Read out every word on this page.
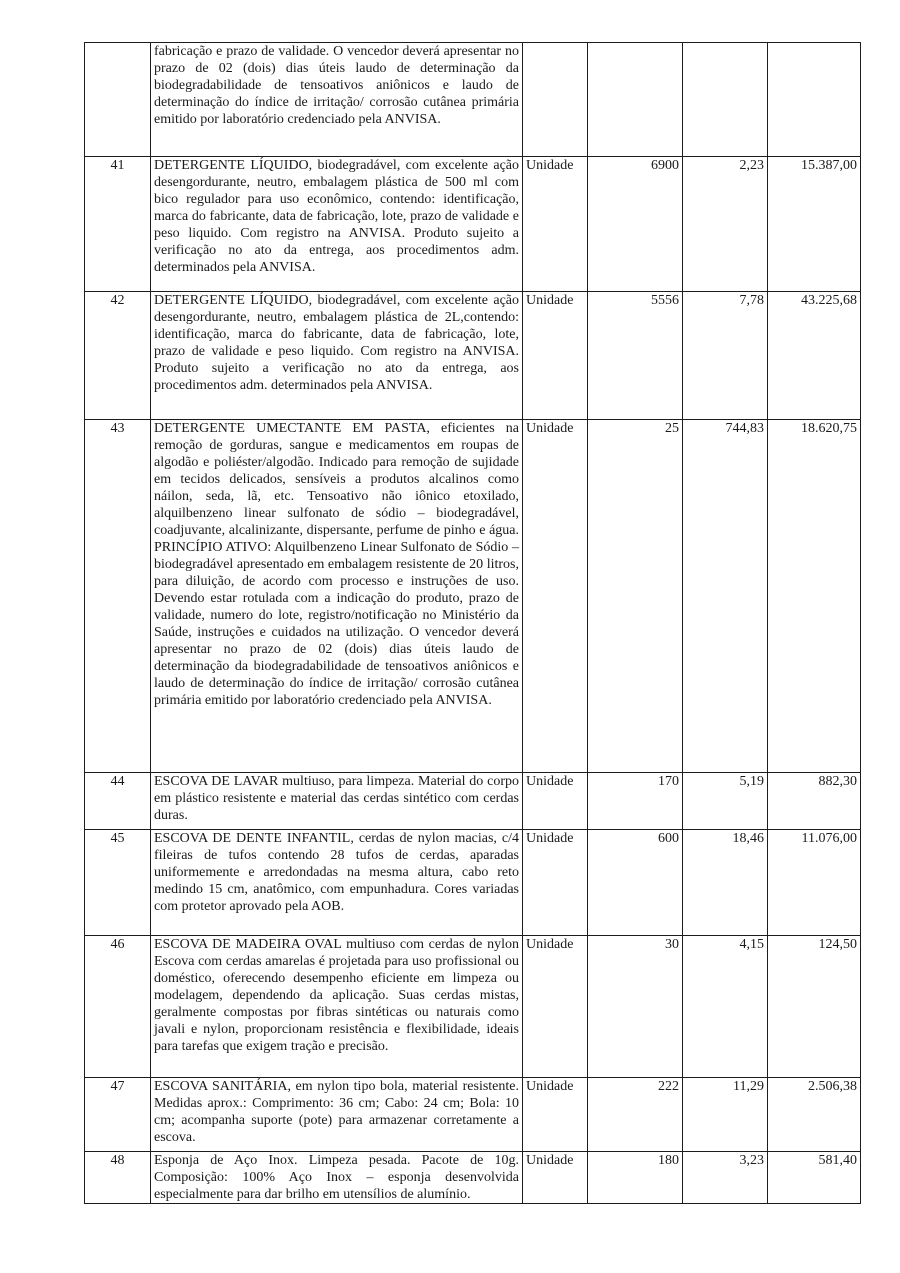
	fabricação e prazo de validade. O vencedor deverá apresentar no prazo de 02 (dois) dias úteis laudo de determinação da biodegradabilidade de tensoativos aniônicos e laudo de determinação do índice de irritação/ corrosão cutânea primária emitido por laboratório credenciado pela ANVISA.				
41	DETERGENTE LÍQUIDO, biodegradável, com excelente ação desengordurante, neutro, embalagem plástica de 500 ml com bico regulador para uso econômico, contendo: identificação, marca do fabricante, data de fabricação, lote, prazo de validade e peso liquido. Com registro na ANVISA. Produto sujeito a verificação no ato da entrega, aos procedimentos adm. determinados pela ANVISA.	Unidade	6900	2,23	15.387,00
42	DETERGENTE LÍQUIDO, biodegradável, com excelente ação desengordurante, neutro, embalagem plástica de 2L,contendo: identificação, marca do fabricante, data de fabricação, lote, prazo de validade e peso liquido. Com registro na ANVISA. Produto sujeito a verificação no ato da entrega, aos procedimentos adm. determinados pela ANVISA.	Unidade	5556	7,78	43.225,68
43	DETERGENTE UMECTANTE EM PASTA, eficientes na remoção de gorduras, sangue e medicamentos em roupas de algodão e poliéster/algodão. Indicado para remoção de sujidade em tecidos delicados, sensíveis a produtos alcalinos como náilon, seda, lã, etc. Tensoativo não iônico etoxilado, alquilbenzeno linear sulfonato de sódio – biodegradável, coadjuvante, alcalinizante, dispersante, perfume de pinho e água. PRINCÍPIO ATIVO: Alquilbenzeno Linear Sulfonato de Sódio – biodegradável apresentado em embalagem resistente de 20 litros, para diluição, de acordo com processo e instruções de uso. Devendo estar rotulada com a indicação do produto, prazo de validade, numero do lote, registro/notificação no Ministério da Saúde, instruções e cuidados na utilização. O vencedor deverá apresentar no prazo de 02 (dois) dias úteis laudo de determinação da biodegradabilidade de tensoativos aniônicos e laudo de determinação do índice de irritação/ corrosão cutânea primária emitido por laboratório credenciado pela ANVISA.	Unidade	25	744,83	18.620,75
44	ESCOVA DE LAVAR multiuso, para limpeza. Material do corpo em plástico resistente e material das cerdas sintético com cerdas duras.	Unidade	170	5,19	882,30
45	ESCOVA DE DENTE INFANTIL, cerdas de nylon macias, c/4 fileiras de tufos contendo 28 tufos de cerdas, aparadas uniformemente e arredondadas na mesma altura, cabo reto medindo 15 cm, anatômico, com empunhadura. Cores variadas com protetor aprovado pela AOB.	Unidade	600	18,46	11.076,00
46	ESCOVA DE MADEIRA OVAL multiuso com cerdas de nylon Escova com cerdas amarelas é projetada para uso profissional ou doméstico, oferecendo desempenho eficiente em limpeza ou modelagem, dependendo da aplicação. Suas cerdas mistas, geralmente compostas por fibras sintéticas ou naturais como javali e nylon, proporcionam resistência e flexibilidade, ideais para tarefas que exigem tração e precisão.	Unidade	30	4,15	124,50
47	ESCOVA SANITÁRIA, em nylon tipo bola, material resistente. Medidas aprox.: Comprimento: 36 cm; Cabo: 24 cm; Bola: 10 cm; acompanha suporte (pote) para armazenar corretamente a escova.	Unidade	222	11,29	2.506,38
48	Esponja de Aço Inox. Limpeza pesada. Pacote de 10g. Composição: 100% Aço Inox – esponja desenvolvida especialmente para dar brilho em utensílios de alumínio.	Unidade	180	3,23	581,40
